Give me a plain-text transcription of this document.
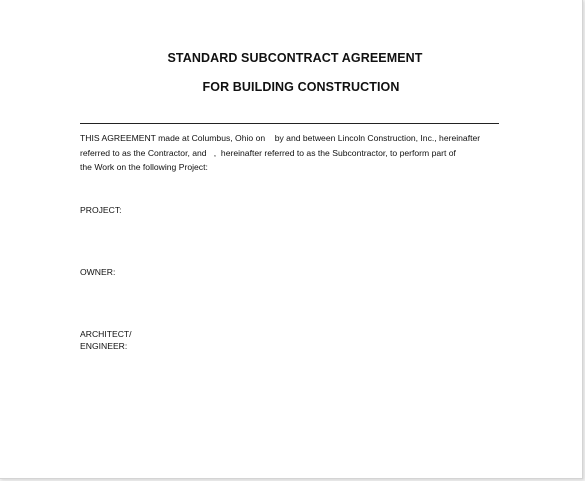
STANDARD SUBCONTRACT AGREEMENT

FOR BUILDING CONSTRUCTION

THIS AGREEMENT made at Columbus, Ohio on    by and between Lincoln Construction, Inc., hereinafter
referred to as the Contractor, and   ,  hereinafter referred to as the Subcontractor, to perform part of
the Work on the following Project:

PROJECT:

OWNER:

ARCHITECT/

ENGINEER:
